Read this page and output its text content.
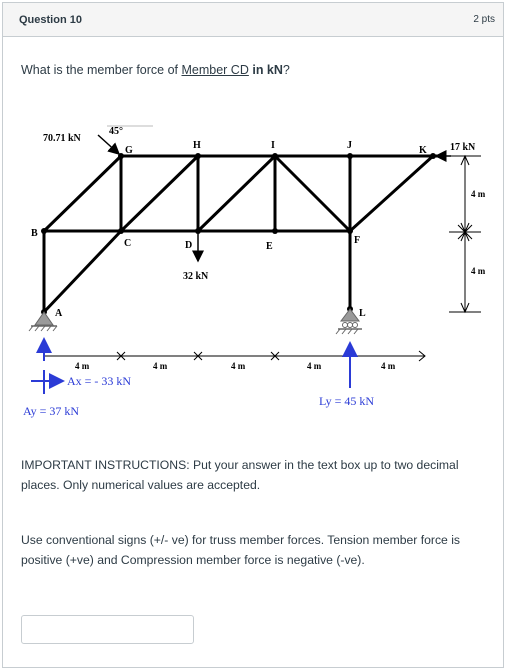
Question 10	2 pts
What is the member force of Member CD in kN?
A
B
C	D	E
F
G	H	I	J	K
L
70.71 kN
45°
17 kN
32 kN
4 m	4 m	4 m	4 m	4 m
4 m
4 m
Ay = 37 kN
Ax = - 33 kN
Ly = 45 kN
IMPORTANT INSTRUCTIONS: Put your answer in the text box up to two decimal places. Only numerical values are accepted.
Use conventional signs (+/- ve) for truss member forces. Tension member force is positive (+ve) and Compression member force is negative (-ve).
